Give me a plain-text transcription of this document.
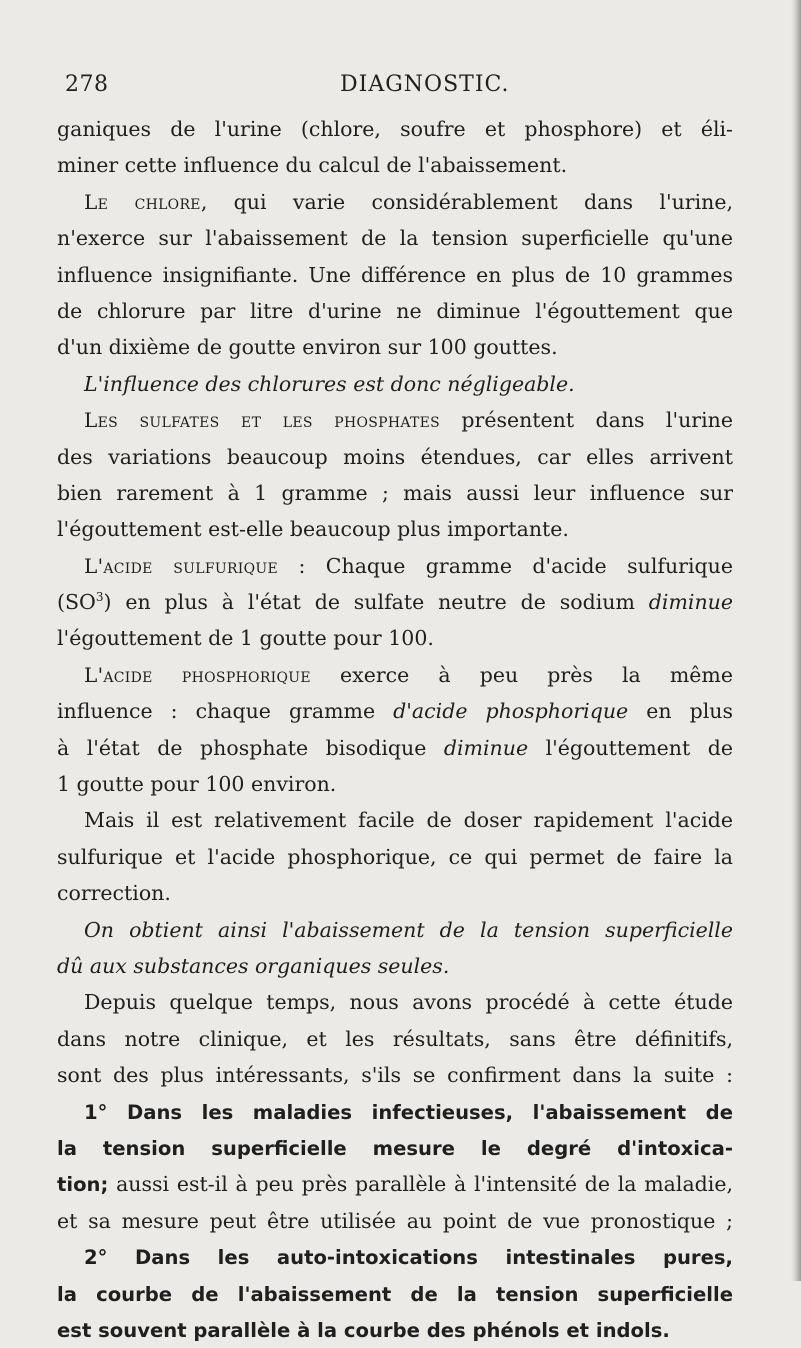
278	DIAGNOSTIC.
ganiques de l'urine (chlore, soufre et phosphore) et éli-
miner cette influence du calcul de l'abaissement.
Le chlore, qui varie considérablement dans l'urine,
n'exerce sur l'abaissement de la tension superficielle qu'une
influence insignifiante. Une différence en plus de 10 grammes
de chlorure par litre d'urine ne diminue l'égouttement que
d'un dixième de goutte environ sur 100 gouttes.
L'influence des chlorures est donc négligeable.
Les sulfates et les phosphates présentent dans l'urine
des variations beaucoup moins étendues, car elles arrivent
bien rarement à 1 gramme ; mais aussi leur influence sur
l'égouttement est-elle beaucoup plus importante.
L'acide sulfurique : Chaque gramme d'acide sulfurique
$(SO^3)$ en plus à l'état de sulfate neutre de sodium diminue
l'égouttement de 1 goutte pour 100.
L'acide phosphorique exerce à peu près la même
influence : chaque gramme d'acide phosphorique en plus
à l'état de phosphate bisodique diminue l'égouttement de
1 goutte pour 100 environ.
Mais il est relativement facile de doser rapidement l'acide
sulfurique et l'acide phosphorique, ce qui permet de faire la
correction.
On obtient ainsi l'abaissement de la tension superficielle
dû aux substances organiques seules.
Depuis quelque temps, nous avons procédé à cette étude
dans notre clinique, et les résultats, sans être définitifs,
sont des plus intéressants, s'ils se confirment dans la suite :
1° Dans les maladies infectieuses, l'abaissement de
la tension superficielle mesure le degré d'intoxica-
tion; aussi est-il à peu près parallèle à l'intensité de la maladie,
et sa mesure peut être utilisée au point de vue pronostique ;
2° Dans les auto-intoxications intestinales pures,
la courbe de l'abaissement de la tension superficielle
est souvent parallèle à la courbe des phénols et indols.
